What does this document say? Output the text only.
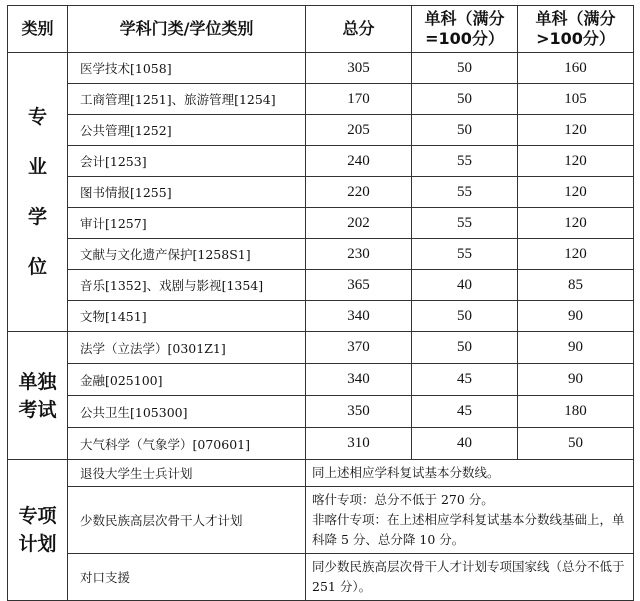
类别	学科门类/学位类别	总分	单科（满分=100分）	单科（满分>100分）
专
业
学
位	医学技术[1058]	305	50	160
	工商管理[1251]、旅游管理[1254]	170	50	105
	公共管理[1252]	205	50	120
	会计[1253]	240	55	120
	图书情报[1255]	220	55	120
	审计[1257]	202	55	120
	文献与文化遗产保护[1258S1]	230	55	120
	音乐[1352]、戏剧与影视[1354]	365	40	85
	文物[1451]	340	50	90
单独
考试	法学（立法学）[0301Z1]	370	50	90
	金融[025100]	340	45	90
	公共卫生[105300]	350	45	180
	大气科学（气象学）[070601]	310	40	50
专项
计划	退役大学生士兵计划	同上述相应学科复试基本分数线。		
	少数民族高层次骨干人才计划	喀什专项：总分不低于 270 分。
非喀什专项：在上述相应学科复试基本分数线基础上，单科降 5 分、总分降 10 分。		

	对口支援	同少数民族高层次骨干人才计划专项国家线（总分不低于 251 分）。		
